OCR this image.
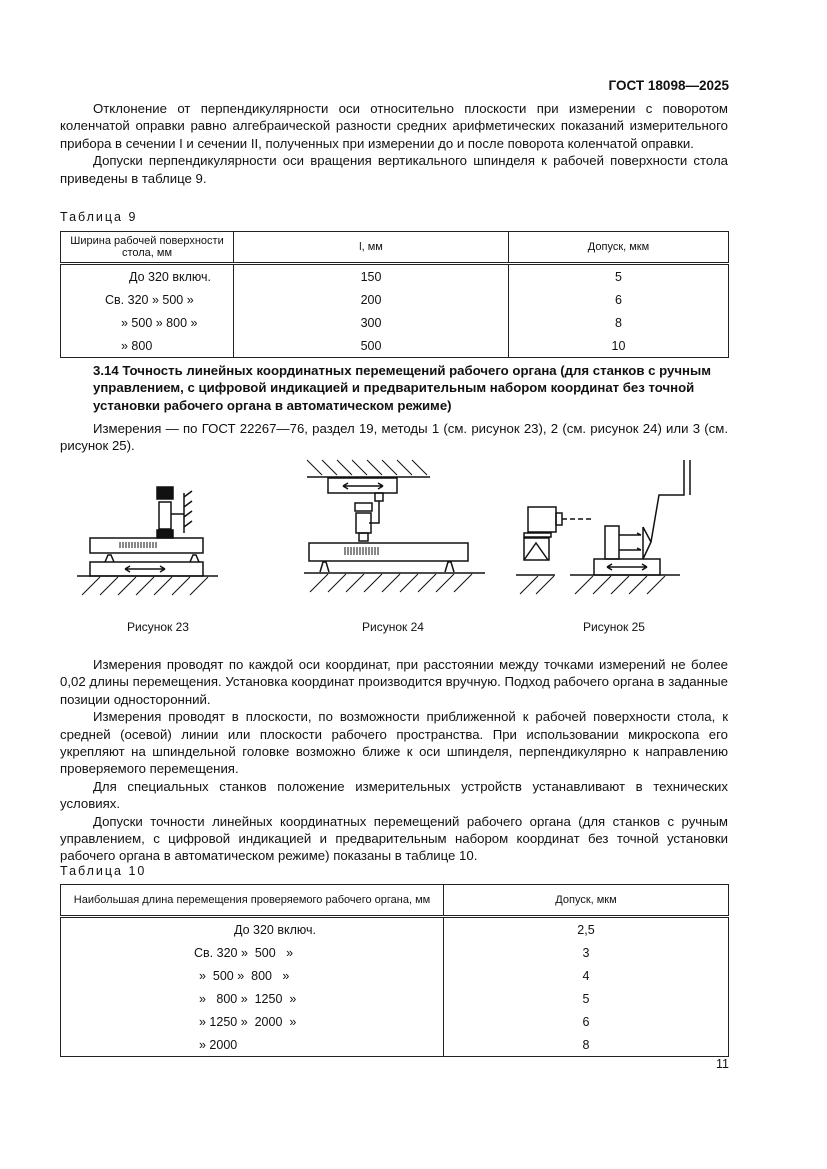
ГОСТ 18098—2025

Отклонение от перпендикулярности оси относительно плоскости при измерении с поворотом коленчатой оправки равно алгебраической разности средних арифметических показаний измерительного прибора в сечении I и сечении II, полученных при измерении до и после поворота коленчатой оправки.

Допуски перпендикулярности оси вращения вертикального шпинделя к рабочей поверхности стола приведены в таблице 9.

Таблица 9
Ширина рабочей поверхности стола, мм	l, мм	Допуск, мкм
До 320 включ.	150	5
Св. 320 » 500 »	200	6
» 500 » 800 »	300	8
» 800	500	10
3.14 Точность линейных координатных перемещений рабочего органа (для станков с ручным управлением, с цифровой индикацией и предварительным набором координат без точной установки рабочего органа в автоматическом режиме)

Измерения — по ГОСТ 22267—76, раздел 19, методы 1 (см. рисунок 23), 2 (см. рисунок 24) или 3 (см. рисунок 25).

Рисунок 23	Рисунок 24	Рисунок 25

Измерения проводят по каждой оси координат, при расстоянии между точками измерений не более 0,02 длины перемещения. Установка координат производится вручную. Подход рабочего органа в заданные позиции односторонний.

Измерения проводят в плоскости, по возможности приближенной к рабочей поверхности стола, к средней (осевой) линии или плоскости рабочего пространства. При использовании микроскопа его укрепляют на шпиндельной головке возможно ближе к оси шпинделя, перпендикулярно к направлению проверяемого перемещения.

Для специальных станков положение измерительных устройств устанавливают в технических условиях.

Допуски точности линейных координатных перемещений рабочего органа (для станков с ручным управлением, с цифровой индикацией и предварительным набором координат без точной установки рабочего органа в автоматическом режиме) показаны в таблице 10.

Таблица 10
Наибольшая длина перемещения проверяемого рабочего органа, мм	Допуск, мкм
До 320 включ.	2,5
Св. 320 »  500   »	3
»  500 »  800   »	4
»   800 »  1250  »	5
» 1250 »  2000  »	6
» 2000	8
11
